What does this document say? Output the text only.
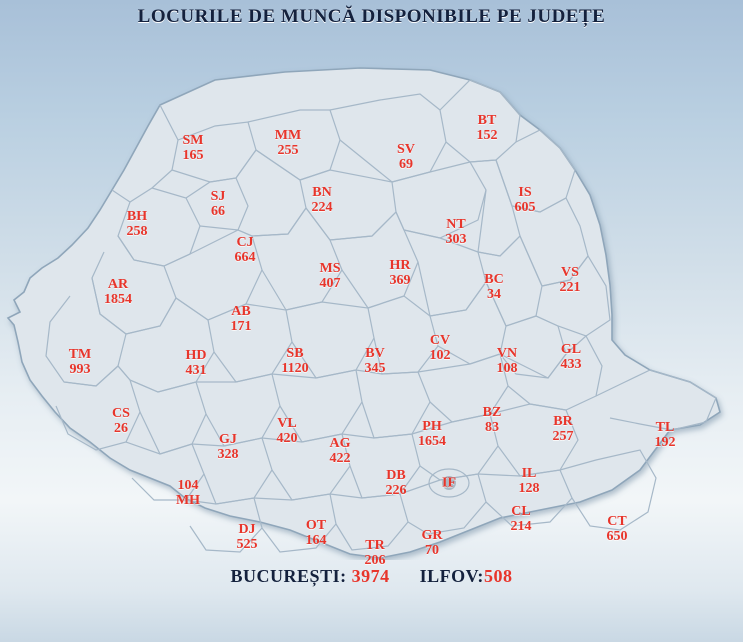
LOCURILE DE MUNCĂ DISPONIBILE PE JUDEȚE
SM
165
MM
255	SV
69
BT
152
SJ
66
BN
224
IS
605
BH
258
CJ
664
NT
303
VS
221
AR
1854
MS
407
HR
369	BC
34
AB
171
TM
993
HD
431
SB
1120
BV
345
CV
102	VN
108
GL
433
CS
26
GJ
328
VL
420 AG
422
PH
1654
BZ
83	BR
257
TL
192
DB
226	IF
IL
128
104
MH
CL
214	CT
650
DJ
525
OT
164	TR
206
GR
70
BUCUREȘTI: 3974 ILFOV:508
